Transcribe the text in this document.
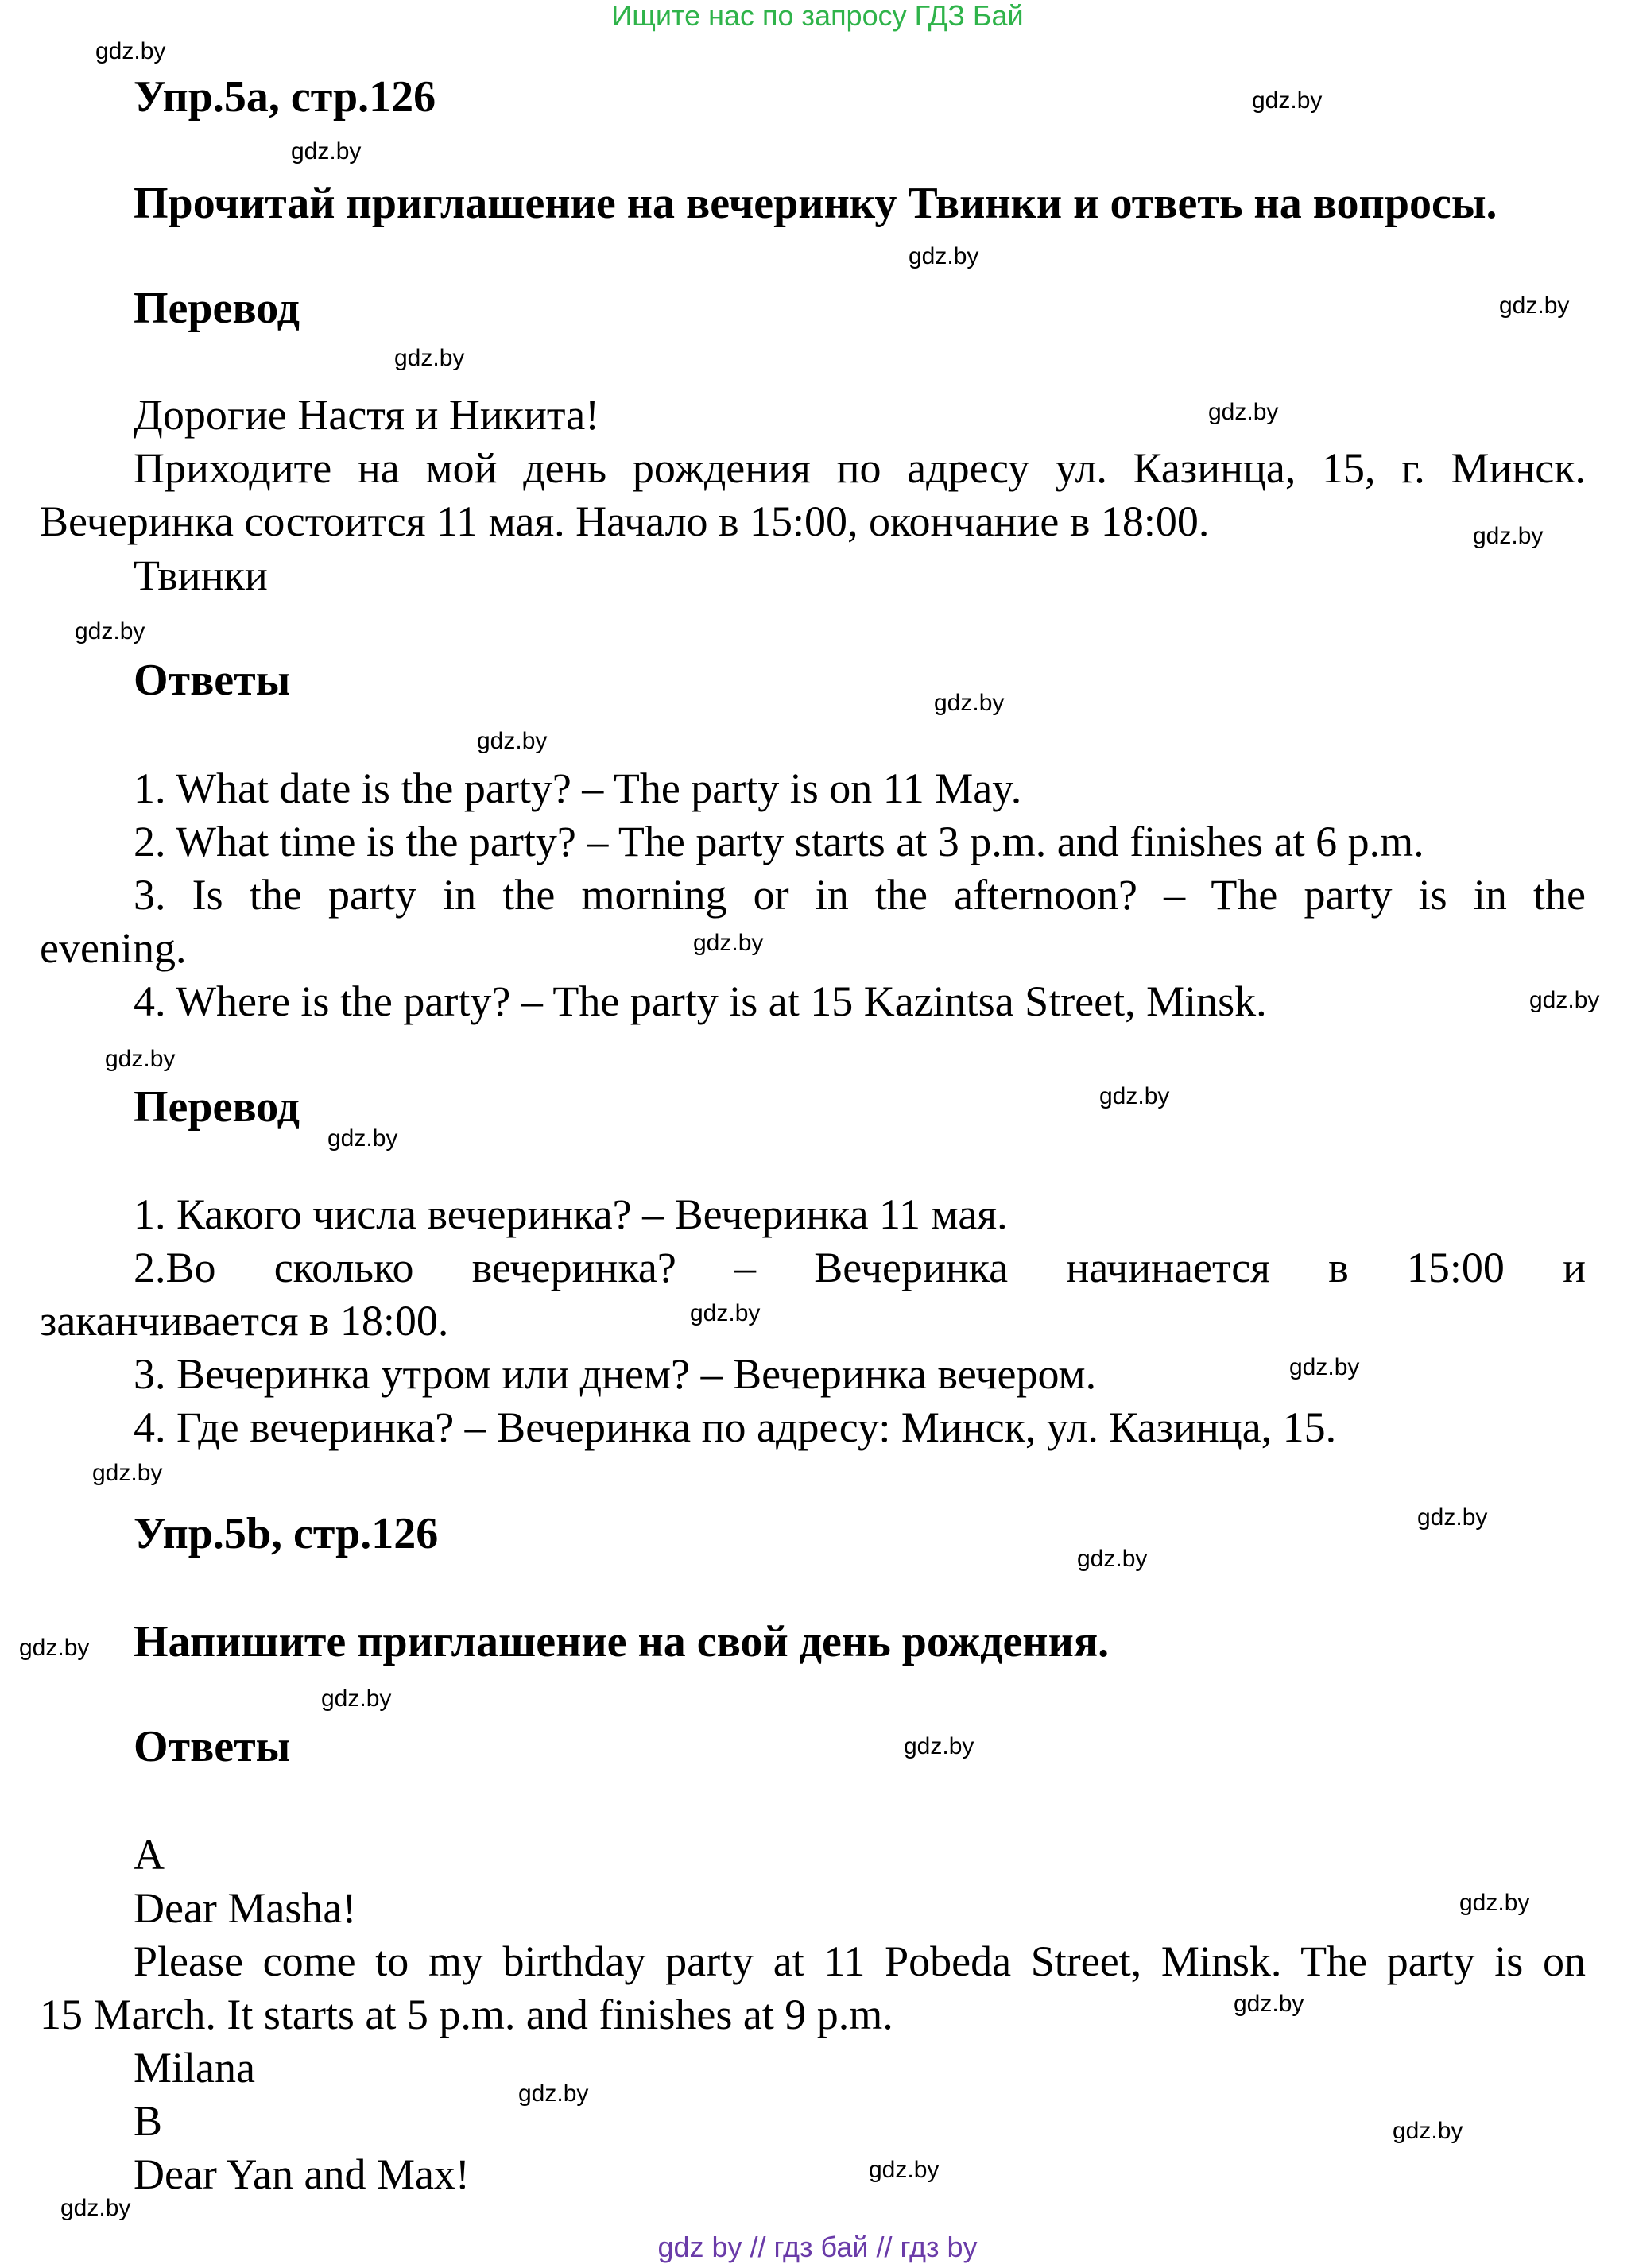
Ищите нас по запросу ГДЗ Бай
Упр.5a, стр.126
Прочитай приглашение на вечеринку Твинки и ответь на вопросы.
Перевод
Дорогие Настя и Никита!
Приходите на мой день рождения по адресу ул. Казинца, 15, г. Минск.
Вечеринка состоится 11 мая. Начало в 15:00, окончание в 18:00.
Твинки
Ответы
1. What date is the party? – The party is on 11 May.
2. What time is the party? – The party starts at 3 p.m. and finishes at 6 p.m.
3. Is the party in the morning or in the afternoon? – The party is in the
evening.
4. Where is the party? – The party is at 15 Kazintsa Street, Minsk.
Перевод
1. Какого числа вечеринка? – Вечеринка 11 мая.
2.Во сколько вечеринка? – Вечеринка начинается в 15:00 и
заканчивается в 18:00.
3. Вечеринка утром или днем? – Вечеринка вечером.
4. Где вечеринка? – Вечеринка по адресу: Минск, ул. Казинца, 15.
Упр.5b, стр.126
Напишите приглашение на свой день рождения.
Ответы
A
Dear Masha!
Please come to my birthday party at 11 Pobeda Street, Minsk. The party is on
15 March. It starts at 5 p.m. and finishes at 9 p.m.
Milana
B
Dear Yan and Max!
gdz.by
gdz.by
gdz.by
gdz.by
gdz.by
gdz.by
gdz.by
gdz.by
gdz.by
gdz.by
gdz.by
gdz.by
gdz.by
gdz.by
gdz.by
gdz.by
gdz.by
gdz.by
gdz.by
gdz.by
gdz.by
gdz.by
gdz.by
gdz.by
gdz.by
gdz.by
gdz.by
gdz.by
gdz.by
gdz.by
gdz by // гдз бай // гдз by
